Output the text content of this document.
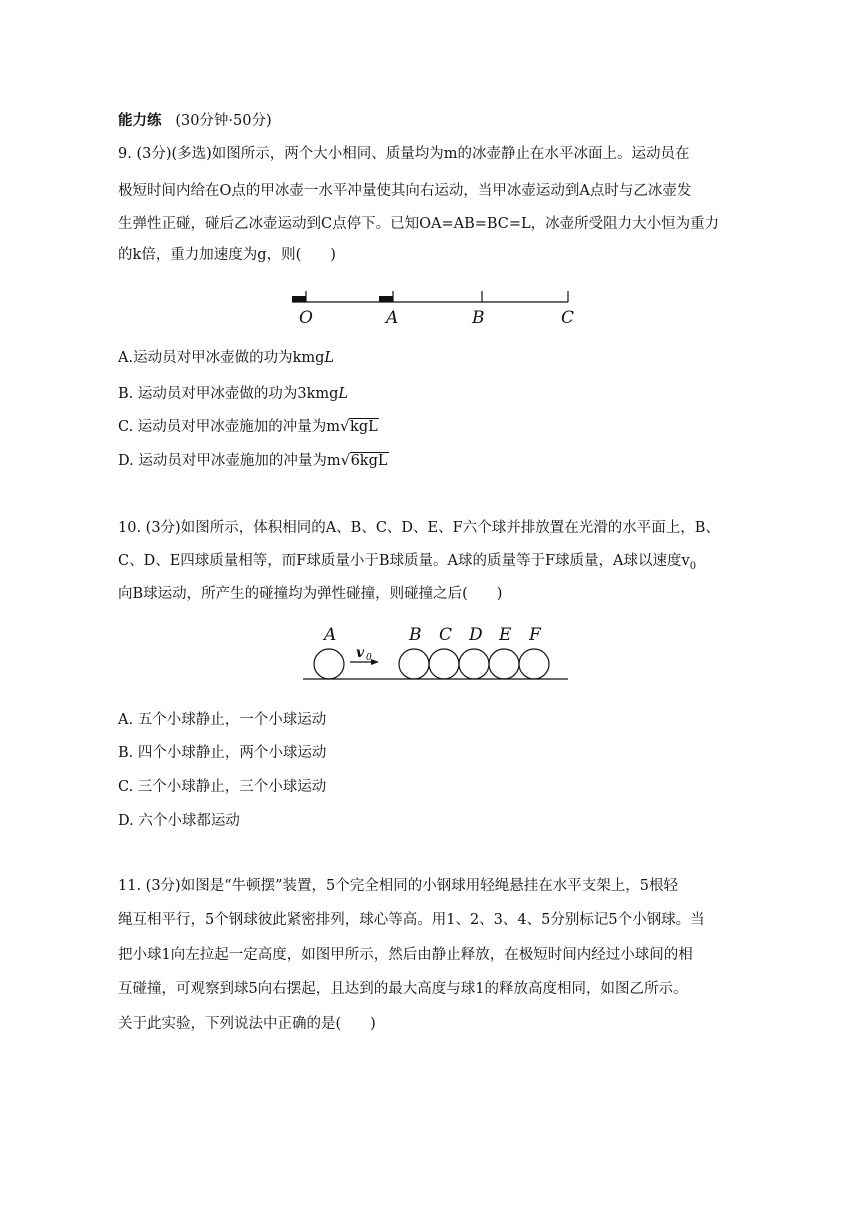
能力练 (30分钟·50分)
9. (3分)(多选)如图所示，两个大小相同、质量均为m的冰壶静止在水平冰面上。运动员在
极短时间内给在O点的甲冰壶一水平冲量使其向右运动，当甲冰壶运动到A点时与乙冰壶发
生弹性正碰，碰后乙冰壶运动到C点停下。已知OA=AB=BC=L，冰壶所受阻力大小恒为重力
的k倍，重力加速度为g，则(　　)
O	A	B	C
A.运动员对甲冰壶做的功为kmgL
B. 运动员对甲冰壶做的功为3kmgL
C. 运动员对甲冰壶施加的冲量为m √ kgL
D. 运动员对甲冰壶施加的冲量为m √ 6kgL
10. (3分)如图所示，体积相同的A、B、C、D、E、F六个球并排放置在光滑的水平面上，B、
C、D、E四球质量相等，而F球质量小于B球质量。A球的质量等于F球质量，A球以速度$v_0$
向B球运动，所产生的碰撞均为弹性碰撞，则碰撞之后(　　)
v 0
A	B C D E F
A. 五个小球静止，一个小球运动
B. 四个小球静止，两个小球运动
C. 三个小球静止，三个小球运动
D. 六个小球都运动
11. (3分)如图是“牛顿摆”装置，5个完全相同的小钢球用轻绳悬挂在水平支架上，5根轻
绳互相平行，5个钢球彼此紧密排列，球心等高。用1、2、3、4、5分别标记5个小钢球。当
把小球1向左拉起一定高度，如图甲所示，然后由静止释放，在极短时间内经过小球间的相
互碰撞，可观察到球5向右摆起，且达到的最大高度与球1的释放高度相同，如图乙所示。
关于此实验，下列说法中正确的是(　　)
